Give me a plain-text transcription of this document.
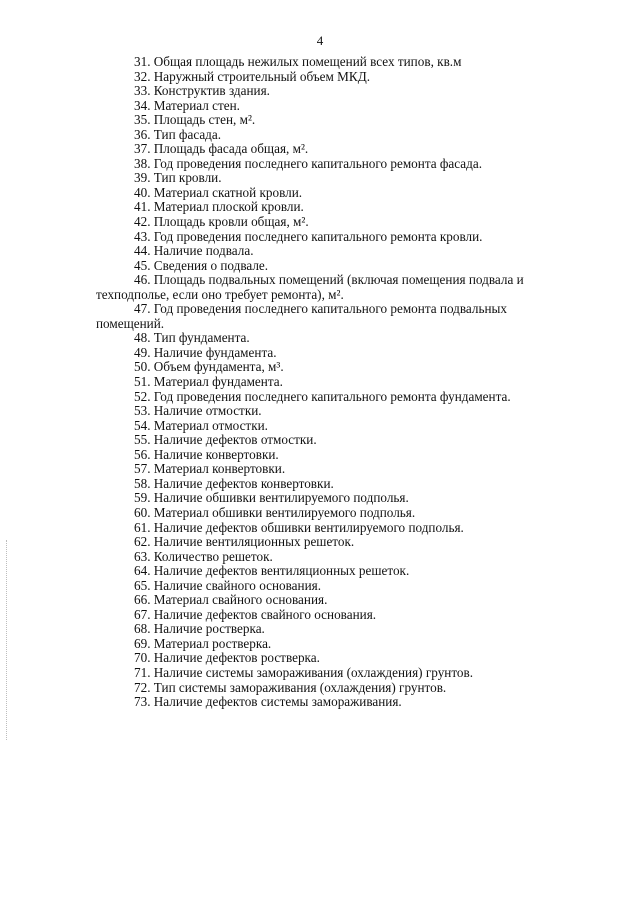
4
31. Общая площадь нежилых помещений всех типов, кв.м
32. Наружный строительный объем МКД.
33. Конструктив здания.
34. Материал стен.
35. Площадь стен, м².
36. Тип фасада.
37. Площадь фасада общая, м².
38. Год проведения последнего капитального ремонта фасада.
39. Тип кровли.
40. Материал скатной кровли.
41. Материал плоской кровли.
42. Площадь кровли общая, м².
43. Год проведения последнего капитального ремонта кровли.
44. Наличие подвала.
45. Сведения о подвале.
46. Площадь подвальных помещений (включая помещения подвала и
техподполье, если оно требует ремонта), м².
47. Год проведения последнего капитального ремонта подвальных
помещений.
48. Тип фундамента.
49. Наличие фундамента.
50. Объем фундамента, м³.
51. Материал фундамента.
52. Год проведения последнего капитального ремонта фундамента.
53. Наличие отмостки.
54. Материал отмостки.
55. Наличие дефектов отмостки.
56. Наличие конвертовки.
57. Материал конвертовки.
58. Наличие дефектов конвертовки.
59. Наличие обшивки вентилируемого подполья.
60. Материал обшивки вентилируемого подполья.
61. Наличие дефектов обшивки вентилируемого подполья.
62. Наличие вентиляционных решеток.
63. Количество решеток.
64. Наличие дефектов вентиляционных решеток.
65. Наличие свайного основания.
66. Материал свайного основания.
67. Наличие дефектов свайного основания.
68. Наличие ростверка.
69. Материал ростверка.
70. Наличие дефектов ростверка.
71. Наличие системы замораживания (охлаждения) грунтов.
72. Тип системы замораживания (охлаждения) грунтов.
73. Наличие дефектов системы замораживания.
